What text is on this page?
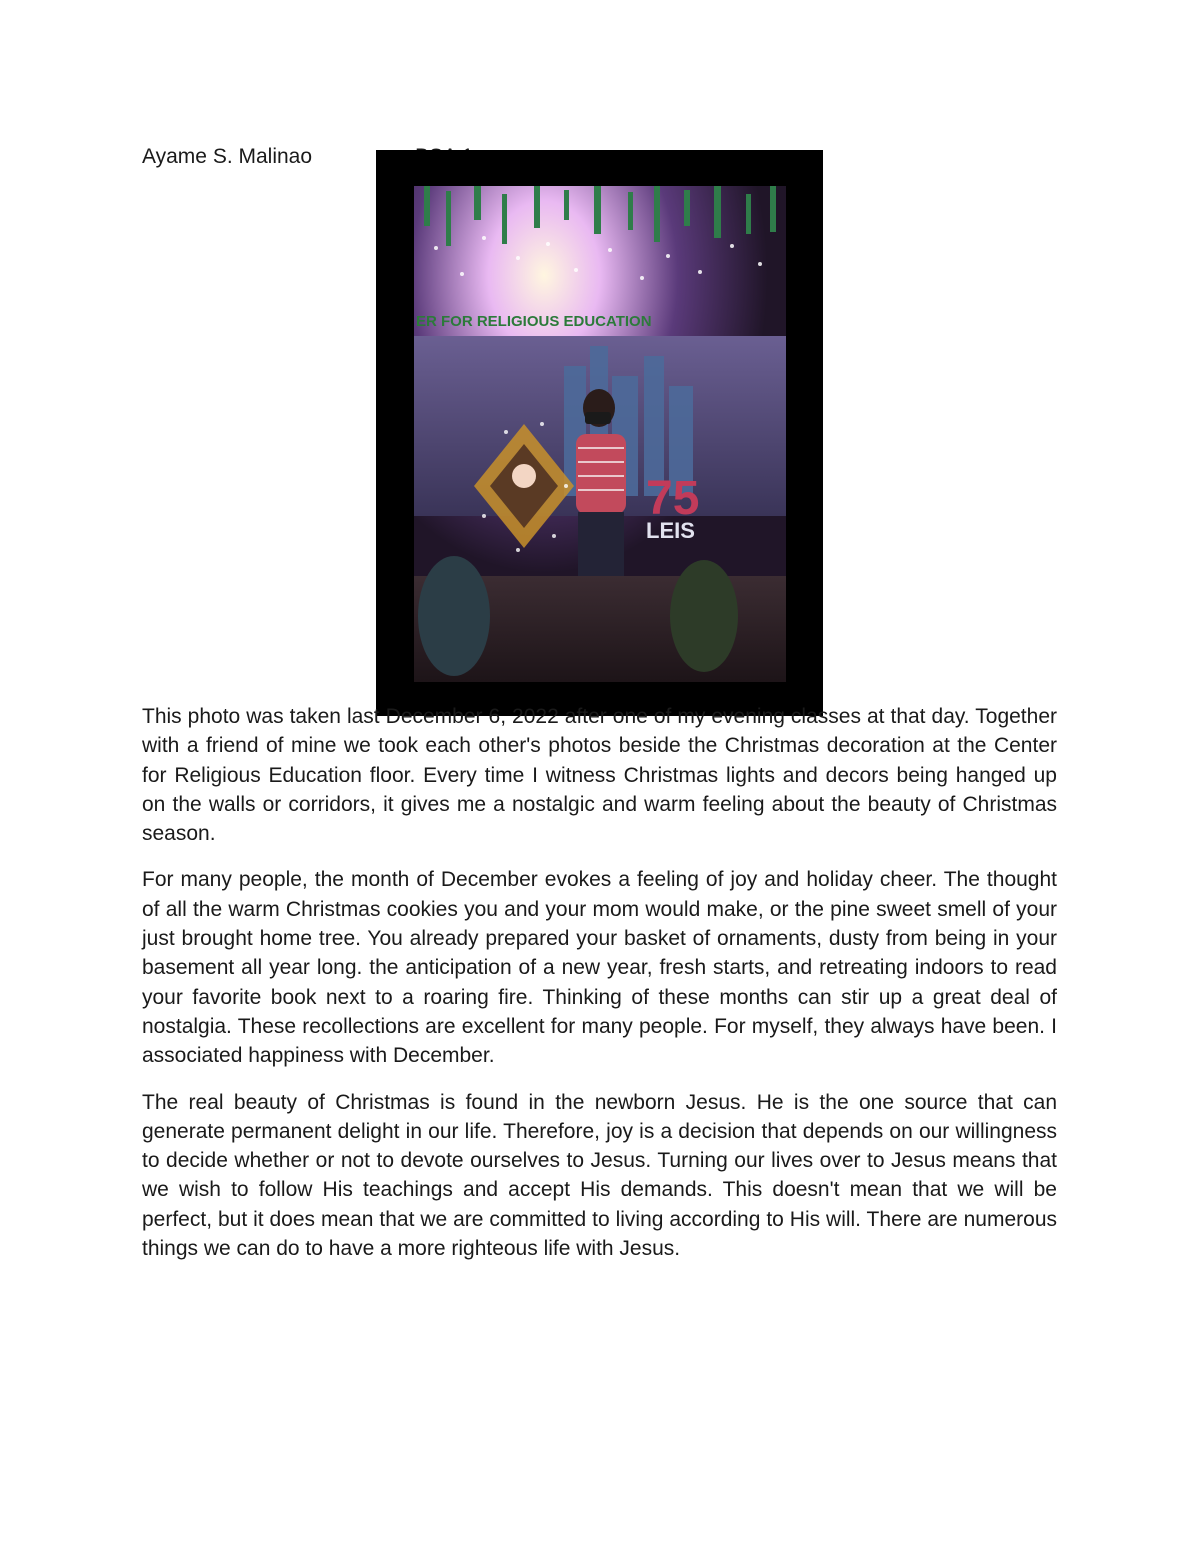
Ayame S. Malinao
ER FOR RELIGIOUS EDUCATION
75
LEIS

This photo was taken last December 6, 2022 after one of my evening classes at that day. Together with a friend of mine we took each other's photos beside the Christmas decoration at the Center for Religious Education floor. Every time I witness Christmas lights and decors being hanged up on the walls or corridors, it gives me a nostalgic and warm feeling about the beauty of Christmas season.

For many people, the month of December evokes a feeling of joy and holiday cheer. The thought of all the warm Christmas cookies you and your mom would make, or the pine sweet smell of your just brought home tree. You already prepared your basket of ornaments, dusty from being in your basement all year long. the anticipation of a new year, fresh starts, and retreating indoors to read your favorite book next to a roaring fire. Thinking of these months can stir up a great deal of nostalgia. These recollections are excellent for many people. For myself, they always have been. I associated happiness with December.

The real beauty of Christmas is found in the newborn Jesus. He is the one source that can generate permanent delight in our life. Therefore, joy is a decision that depends on our willingness to decide whether or not to devote ourselves to Jesus. Turning our lives over to Jesus means that we wish to follow His teachings and accept His demands. This doesn't mean that we will be perfect, but it does mean that we are committed to living according to His will. There are numerous things we can do to have a more righteous life with Jesus.
